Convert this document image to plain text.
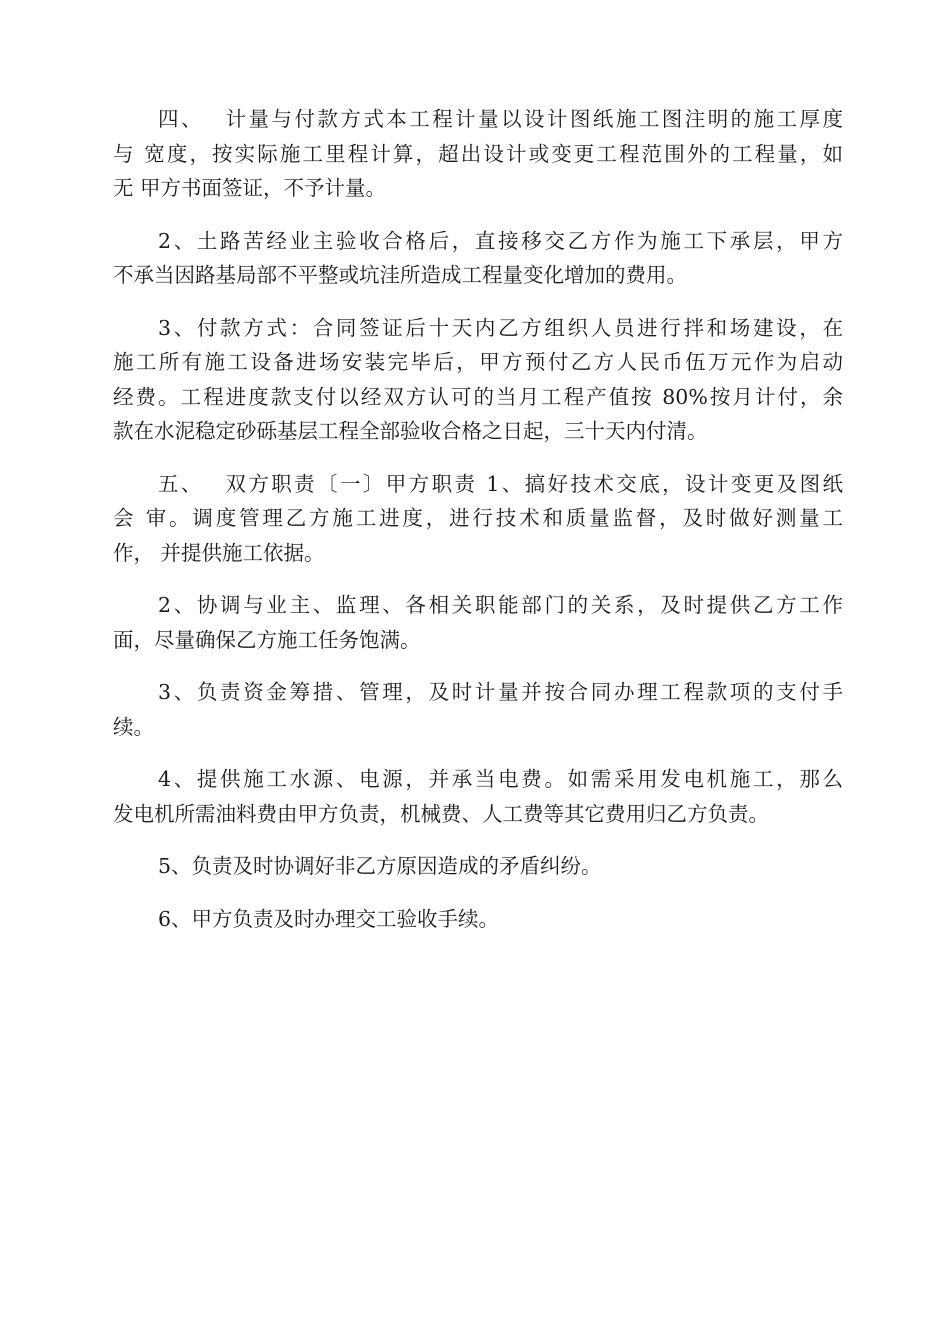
四、　 计量与付款方式本工程计量以设计图纸施工图注明的施工厚度
与 宽度，按实际施工里程计算，超出设计或变更工程范围外的工程量，如
无 甲方书面签证，不予计量。

2、土路苦经业主验收合格后，直接移交乙方作为施工下承层，甲方
不承当因路基局部不平整或坑洼所造成工程量变化增加的费用。

3、付款方式：合同签证后十天内乙方组织人员进行拌和场建设，在
施工所有施工设备进场安装完毕后，甲方预付乙方人民币伍万元作为启动
经费。工程进度款支付以经双方认可的当月工程产值按 80%按月计付，余
款在水泥稳定砂砾基层工程全部验收合格之日起，三十天内付清。

五、　 双方职责〔一〕甲方职责 1、搞好技术交底，设计变更及图纸
会 审。调度管理乙方施工进度，进行技术和质量监督，及时做好测量工
作， 并提供施工依据。

2、协调与业主、监理、各相关职能部门的关系，及时提供乙方工作
面，尽量确保乙方施工任务饱满。

3、负责资金筹措、管理，及时计量并按合同办理工程款项的支付手
续。

4、提供施工水源、电源，并承当电费。如需采用发电机施工，那么
发电机所需油料费由甲方负责，机械费、人工费等其它费用归乙方负责。

5、负责及时协调好非乙方原因造成的矛盾纠纷。

6、甲方负责及时办理交工验收手续。
